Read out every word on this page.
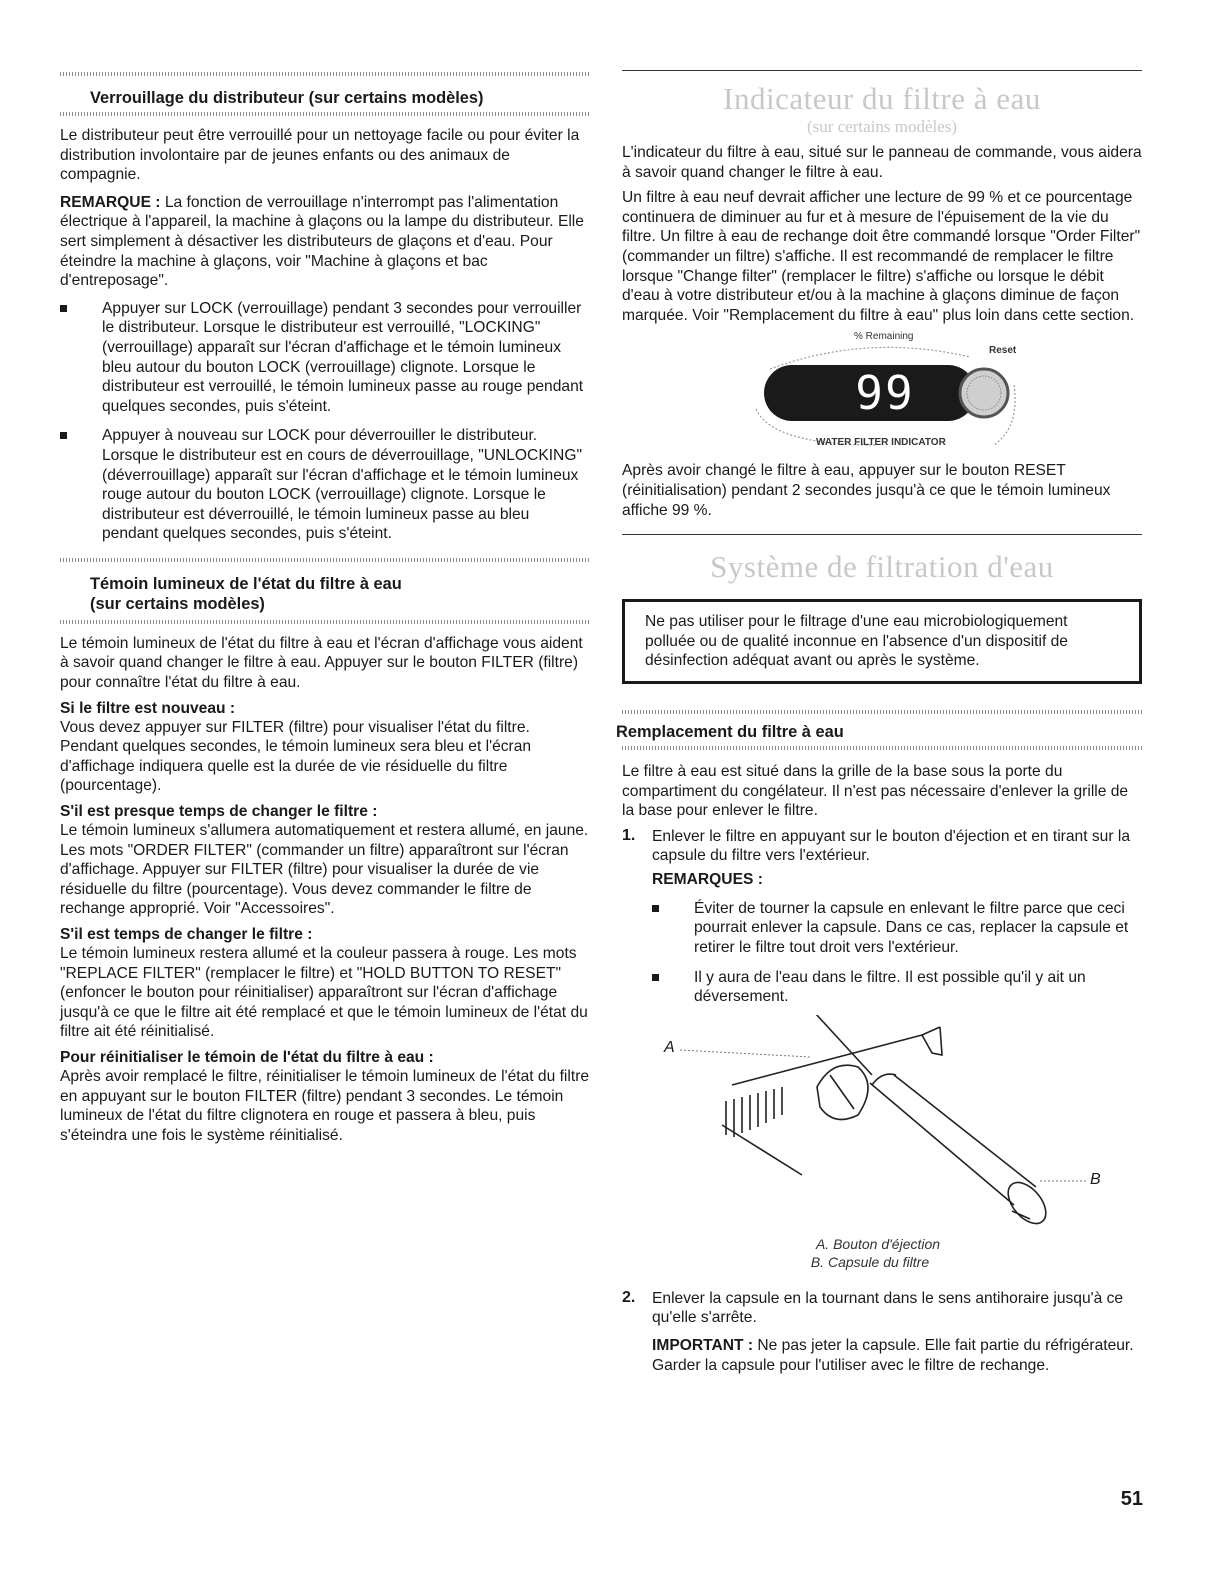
Verrouillage du distributeur (sur certains modèles)

Le distributeur peut être verrouillé pour un nettoyage facile ou pour éviter la distribution involontaire par de jeunes enfants ou des animaux de compagnie.

REMARQUE : La fonction de verrouillage n'interrompt pas l'alimentation électrique à l'appareil, la machine à glaçons ou la lampe du distributeur. Elle sert simplement à désactiver les distributeurs de glaçons et d'eau. Pour éteindre la machine à glaçons, voir "Machine à glaçons et bac d'entreposage".

Appuyer sur LOCK (verrouillage) pendant 3 secondes pour verrouiller le distributeur. Lorsque le distributeur est verrouillé, "LOCKING" (verrouillage) apparaît sur l'écran d'affichage et le témoin lumineux bleu autour du bouton LOCK (verrouillage) clignote. Lorsque le distributeur est verrouillé, le témoin lumineux passe au rouge pendant quelques secondes, puis s'éteint.

Appuyer à nouveau sur LOCK pour déverrouiller le distributeur. Lorsque le distributeur est en cours de déverrouillage, "UNLOCKING" (déverrouillage) apparaît sur l'écran d'affichage et le témoin lumineux rouge autour du bouton LOCK (verrouillage) clignote. Lorsque le distributeur est déverrouillé, le témoin lumineux passe au bleu pendant quelques secondes, puis s'éteint.

Témoin lumineux de l'état du filtre à eau
(sur certains modèles)

Le témoin lumineux de l'état du filtre à eau et l'écran d'affichage vous aident à savoir quand changer le filtre à eau. Appuyer sur le bouton FILTER (filtre) pour connaître l'état du filtre à eau.

Si le filtre est nouveau :

Vous devez appuyer sur FILTER (filtre) pour visualiser l'état du filtre. Pendant quelques secondes, le témoin lumineux sera bleu et l'écran d'affichage indiquera quelle est la durée de vie résiduelle du filtre (pourcentage).

S'il est presque temps de changer le filtre :

Le témoin lumineux s'allumera automatiquement et restera allumé, en jaune. Les mots "ORDER FILTER" (commander un filtre) apparaîtront sur l'écran d'affichage. Appuyer sur FILTER (filtre) pour visualiser la durée de vie résiduelle du filtre (pourcentage). Vous devez commander le filtre de rechange approprié. Voir "Accessoires".

S'il est temps de changer le filtre :

Le témoin lumineux restera allumé et la couleur passera à rouge. Les mots "REPLACE FILTER" (remplacer le filtre) et "HOLD BUTTON TO RESET" (enfoncer le bouton pour réinitialiser) apparaîtront sur l'écran d'affichage jusqu'à ce que le filtre ait été remplacé et que le témoin lumineux de l'état du filtre ait été réinitialisé.

Pour réinitialiser le témoin de l'état du filtre à eau :

Après avoir remplacé le filtre, réinitialiser le témoin lumineux de l'état du filtre en appuyant sur le bouton FILTER (filtre) pendant 3 secondes. Le témoin lumineux de l'état du filtre clignotera en rouge et passera à bleu, puis s'éteindra une fois le système réinitialisé.

Indicateur du filtre à eau
(sur certains modèles)

L'indicateur du filtre à eau, situé sur le panneau de commande, vous aidera à savoir quand changer le filtre à eau.

Un filtre à eau neuf devrait afficher une lecture de 99 % et ce pourcentage continuera de diminuer au fur et à mesure de l'épuisement de la vie du filtre. Un filtre à eau de rechange doit être commandé lorsque "Order Filter" (commander un filtre) s'affiche. Il est recommandé de remplacer le filtre lorsque "Change filter" (remplacer le filtre) s'affiche ou lorsque le débit d'eau à votre distributeur et/ou à la machine à glaçons diminue de façon marquée. Voir "Remplacement du filtre à eau" plus loin dans cette section.

% Remaining
Reset
99
WATER FILTER INDICATOR

Après avoir changé le filtre à eau, appuyer sur le bouton RESET (réinitialisation) pendant 2 secondes jusqu'à ce que le témoin lumineux affiche 99 %.

Système de filtration d'eau

Ne pas utiliser pour le filtrage d'une eau microbiologiquement polluée ou de qualité inconnue en l'absence d'un dispositif de désinfection adéquat avant ou après le système.

Remplacement du filtre à eau

Le filtre à eau est situé dans la grille de la base sous la porte du compartiment du congélateur. Il n'est pas nécessaire d'enlever la grille de la base pour enlever le filtre.

1. Enlever le filtre en appuyant sur le bouton d'éjection et en tirant sur la capsule du filtre vers l'extérieur.

REMARQUES :

Éviter de tourner la capsule en enlevant le filtre parce que ceci pourrait enlever la capsule. Dans ce cas, replacer la capsule et retirer le filtre tout droit vers l'extérieur.

Il y aura de l'eau dans le filtre. Il est possible qu'il y ait un déversement.

A
B
A. Bouton d'éjection
B. Capsule du filtre
2. Enlever la capsule en la tournant dans le sens antihoraire jusqu'à ce qu'elle s'arrête.

IMPORTANT : Ne pas jeter la capsule. Elle fait partie du réfrigérateur. Garder la capsule pour l'utiliser avec le filtre de rechange.

51
